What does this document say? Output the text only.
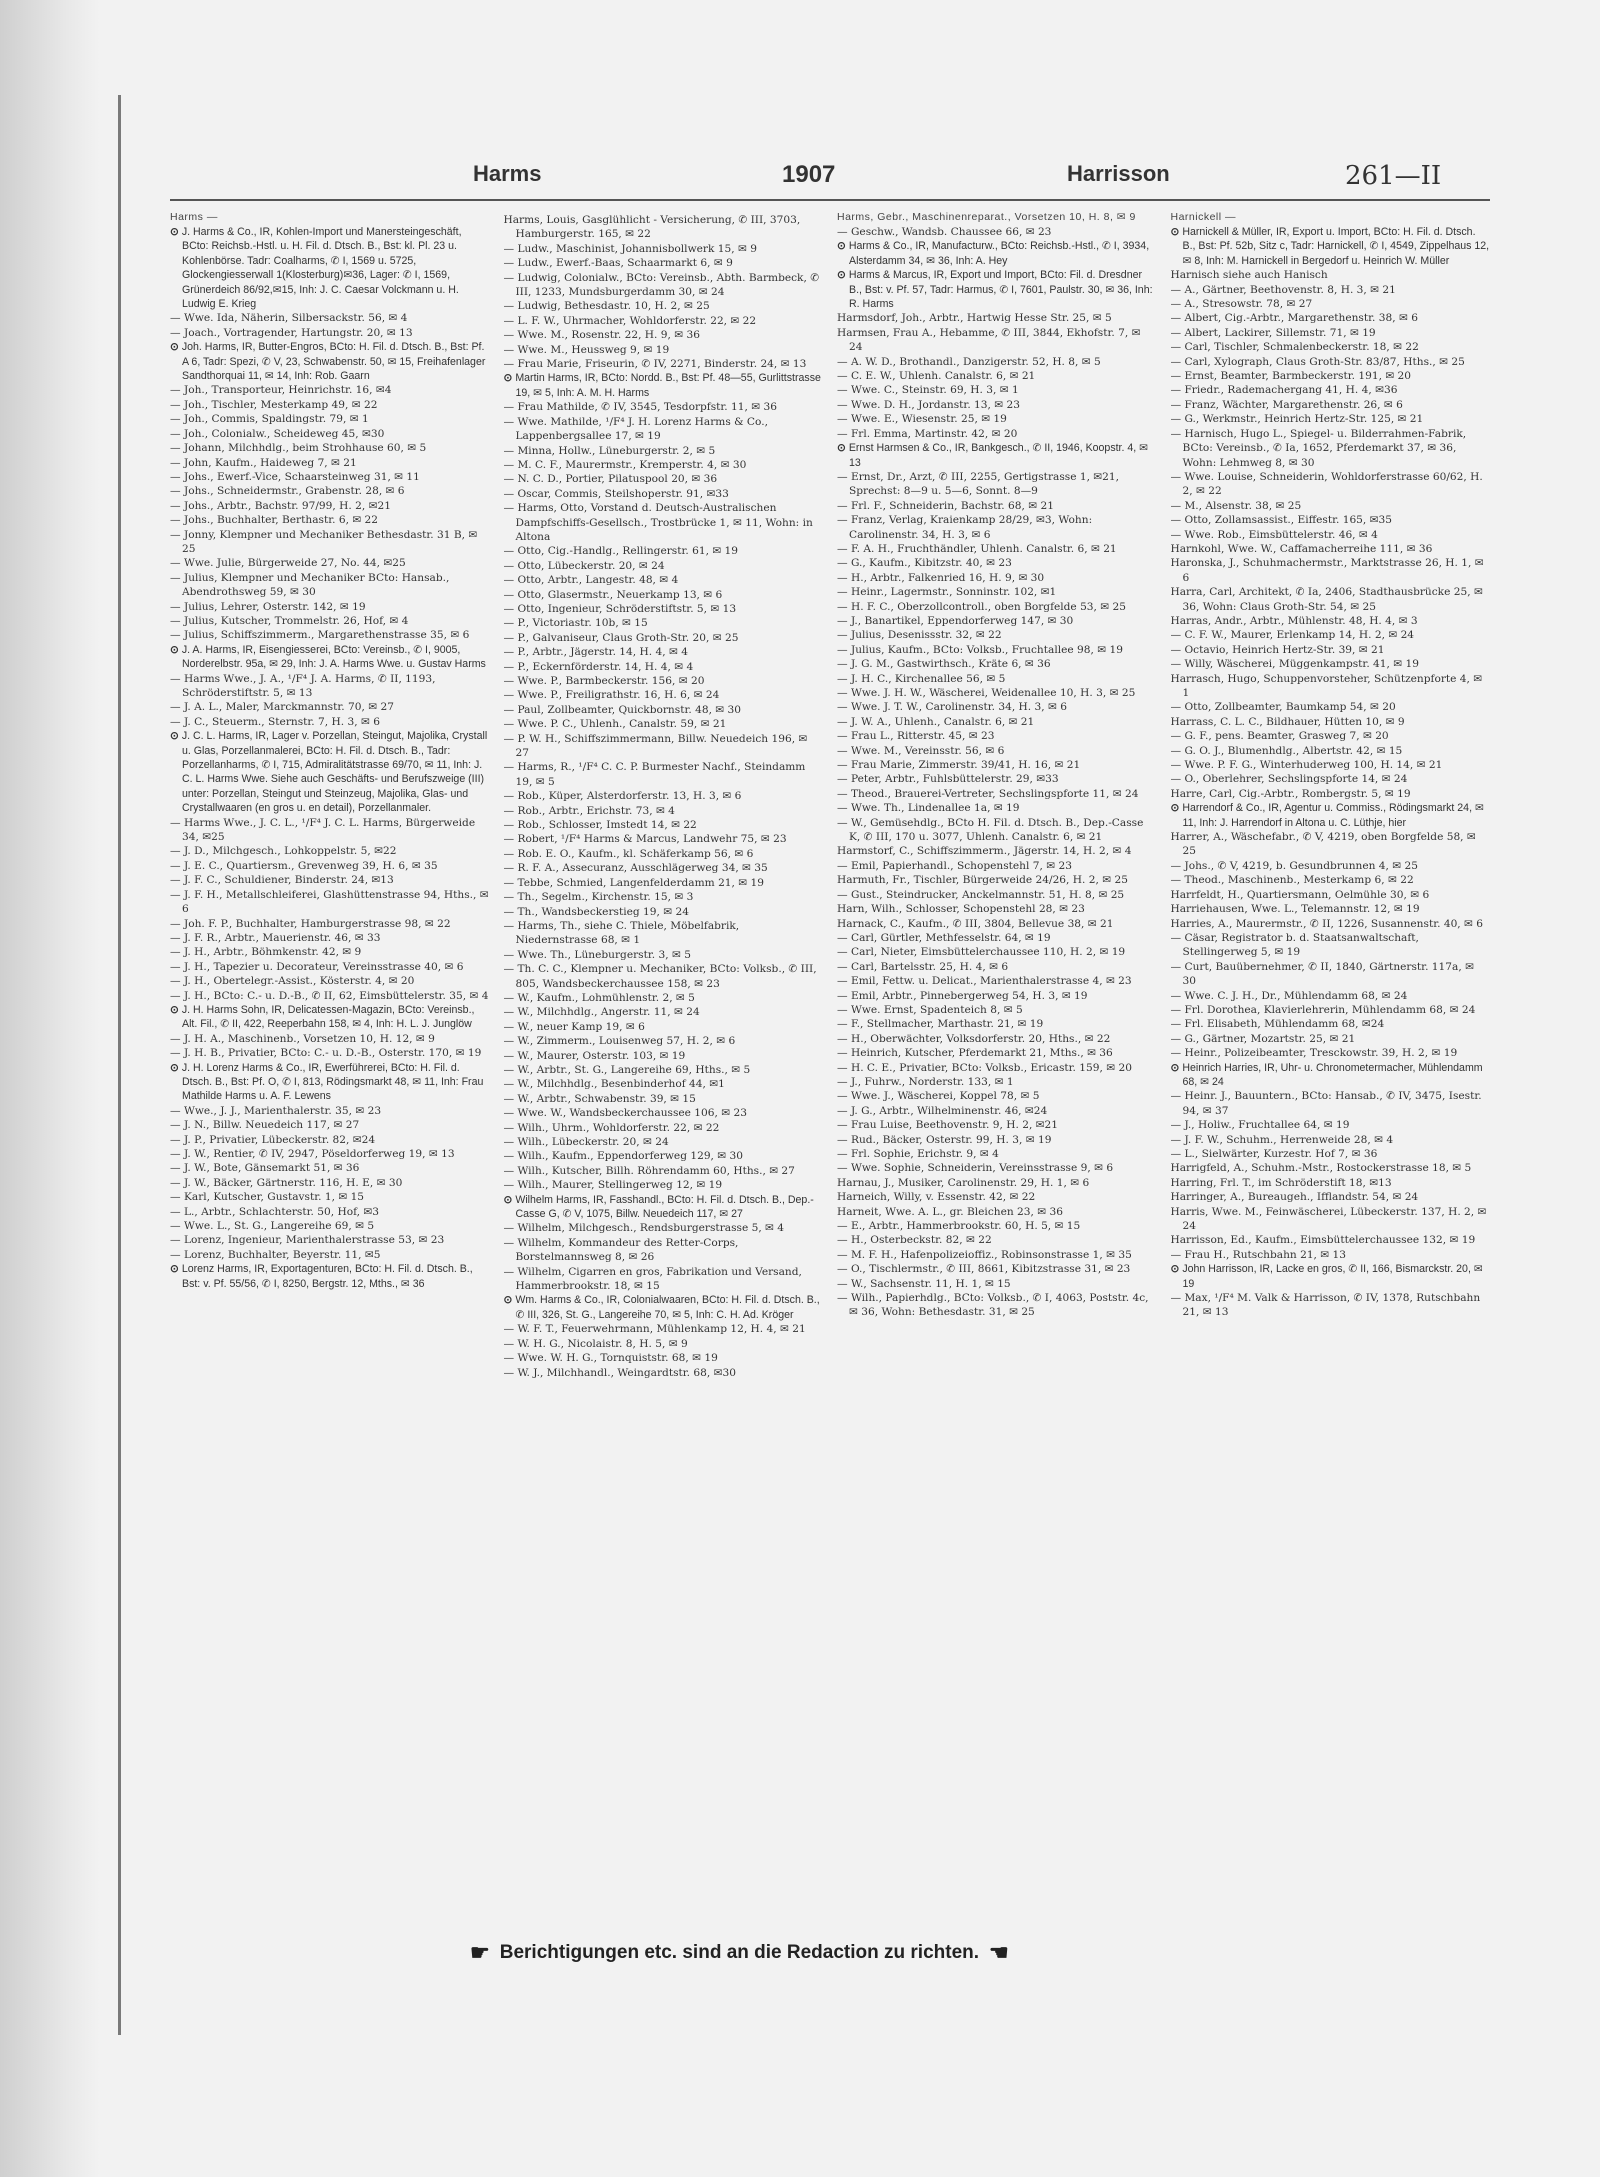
Harms	1907	Harrisson	261—II
Harms —
⊙ J. Harms & Co., IR, Kohlen-Import und Manersteingeschäft, BCto: Reichsb.-Hstl. u. H. Fil. d. Dtsch. B., Bst: kl. Pl. 23 u. Kohlenbörse. Tadr: Coalharms, ✆ I, 1569 u. 5725, Glockengiesserwall 1(Klosterburg)✉36, Lager: ✆ I, 1569, Grünerdeich 86/92,✉15, Inh: J. C. Caesar Volckmann u. H. Ludwig E. Krieg
— Wwe. Ida, Näherin, Silbersackstr. 56, ✉ 4
— Joach., Vortragender, Hartungstr. 20, ✉ 13
⊙ Joh. Harms, IR, Butter-Engros, BCto: H. Fil. d. Dtsch. B., Bst: Pf. A 6, Tadr: Spezi, ✆ V, 23, Schwabenstr. 50, ✉ 15, Freihafenlager Sandthorquai 11, ✉ 14, Inh: Rob. Gaarn
— Joh., Transporteur, Heinrichstr. 16, ✉4
— Joh., Tischler, Mesterkamp 49, ✉ 22
— Joh., Commis, Spaldingstr. 79, ✉ 1
— Joh., Colonialw., Scheideweg 45, ✉30
— Johann, Milchhdlg., beim Strohhause 60, ✉ 5
— John, Kaufm., Haideweg 7, ✉ 21
— Johs., Ewerf.-Vice, Schaarsteinweg 31, ✉ 11
— Johs., Schneidermstr., Grabenstr. 28, ✉ 6
— Johs., Arbtr., Bachstr. 97/99, H. 2, ✉21
— Johs., Buchhalter, Berthastr. 6, ✉ 22
— Jonny, Klempner und Mechaniker Bethesdastr. 31 B, ✉ 25
— Wwe. Julie, Bürgerweide 27, No. 44, ✉25
— Julius, Klempner und Mechaniker BCto: Hansab., Abendrothsweg 59, ✉ 30
— Julius, Lehrer, Osterstr. 142, ✉ 19
— Julius, Kutscher, Trommelstr. 26, Hof, ✉ 4
— Julius, Schiffszimmerm., Margarethenstrasse 35, ✉ 6
⊙ J. A. Harms, IR, Eisengiesserei, BCto: Vereinsb., ✆ I, 9005, Norderelbstr. 95a, ✉ 29, Inh: J. A. Harms Wwe. u. Gustav Harms
— Harms Wwe., J. A., ¹/F⁴ J. A. Harms, ✆ II, 1193, Schröderstiftstr. 5, ✉ 13
— J. A. L., Maler, Marckmannstr. 70, ✉ 27
— J. C., Steuerm., Sternstr. 7, H. 3, ✉ 6
⊙ J. C. L. Harms, IR, Lager v. Porzellan, Steingut, Majolika, Crystall u. Glas, Porzellanmalerei, BCto: H. Fil. d. Dtsch. B., Tadr: Porzellanharms, ✆ I, 715, Admiralitätstrasse 69/70, ✉ 11, Inh: J. C. L. Harms Wwe. Siehe auch Geschäfts- und Berufszweige (III) unter: Porzellan, Steingut und Steinzeug, Majolika, Glas- und Crystallwaaren (en gros u. en detail), Porzellanmaler.
— Harms Wwe., J. C. L., ¹/F⁴ J. C. L. Harms, Bürgerweide 34, ✉25
— J. D., Milchgesch., Lohkoppelstr. 5, ✉22
— J. E. C., Quartiersm., Grevenweg 39, H. 6, ✉ 35
— J. F. C., Schuldiener, Binderstr. 24, ✉13
— J. F. H., Metallschleiferei, Glashüttenstrasse 94, Hths., ✉ 6
— Joh. F. P., Buchhalter, Hamburgerstrasse 98, ✉ 22
— J. F. R., Arbtr., Mauerienstr. 46, ✉ 33
— J. H., Arbtr., Böhmkenstr. 42, ✉ 9
— J. H., Tapezier u. Decorateur, Vereinsstrasse 40, ✉ 6
— J. H., Obertelegr.-Assist., Kösterstr. 4, ✉ 20
— J. H., BCto: C.- u. D.-B., ✆ II, 62, Eimsbüttelerstr. 35, ✉ 4
⊙ J. H. Harms Sohn, IR, Delicatessen-Magazin, BCto: Vereinsb., Alt. Fil., ✆ II, 422, Reeperbahn 158, ✉ 4, Inh: H. L. J. Junglöw
— J. H. A., Maschinenb., Vorsetzen 10, H. 12, ✉ 9
— J. H. B., Privatier, BCto: C.- u. D.-B., Osterstr. 170, ✉ 19
⊙ J. H. Lorenz Harms & Co., IR, Ewerführerei, BCto: H. Fil. d. Dtsch. B., Bst: Pf. O, ✆ I, 813, Rödingsmarkt 48, ✉ 11, Inh: Frau Mathilde Harms u. A. F. Lewens
— Wwe., J. J., Marienthalerstr. 35, ✉ 23
— J. N., Billw. Neuedeich 117, ✉ 27
— J. P., Privatier, Lübeckerstr. 82, ✉24
— J. W., Rentier, ✆ IV, 2947, Pöseldorferweg 19, ✉ 13
— J. W., Bote, Gänsemarkt 51, ✉ 36
— J. W., Bäcker, Gärtnerstr. 116, H. E, ✉ 30
— Karl, Kutscher, Gustavstr. 1, ✉ 15
— L., Arbtr., Schlachterstr. 50, Hof, ✉3
— Wwe. L., St. G., Langereihe 69, ✉ 5
— Lorenz, Ingenieur, Marienthalerstrasse 53, ✉ 23
— Lorenz, Buchhalter, Beyerstr. 11, ✉5
⊙ Lorenz Harms, IR, Exportagenturen, BCto: H. Fil. d. Dtsch. B., Bst: v. Pf. 55/56, ✆ I, 8250, Bergstr. 12, Mths., ✉ 36
Harms, Louis, Gasglühlicht - Versicherung, ✆ III, 3703, Hamburgerstr. 165, ✉ 22
— Ludw., Maschinist, Johannisbollwerk 15, ✉ 9
— Ludw., Ewerf.-Baas, Schaarmarkt 6, ✉ 9
— Ludwig, Colonialw., BCto: Vereinsb., Abth. Barmbeck, ✆ III, 1233, Mundsburgerdamm 30, ✉ 24
— Ludwig, Bethesdastr. 10, H. 2, ✉ 25
— L. F. W., Uhrmacher, Wohldorferstr. 22, ✉ 22
— Wwe. M., Rosenstr. 22, H. 9, ✉ 36
— Wwe. M., Heussweg 9, ✉ 19
— Frau Marie, Friseurin, ✆ IV, 2271, Binderstr. 24, ✉ 13
⊙ Martin Harms, IR, BCto: Nordd. B., Bst: Pf. 48—55, Gurlittstrasse 19, ✉ 5, Inh: A. M. H. Harms
— Frau Mathilde, ✆ IV, 3545, Tesdorpfstr. 11, ✉ 36
— Wwe. Mathilde, ¹/F⁴ J. H. Lorenz Harms & Co., Lappenbergsallee 17, ✉ 19
— Minna, Hollw., Lüneburgerstr. 2, ✉ 5
— M. C. F., Maurermstr., Kremperstr. 4, ✉ 30
— N. C. D., Portier, Pilatuspool 20, ✉ 36
— Oscar, Commis, Steilshoperstr. 91, ✉33
— Harms, Otto, Vorstand d. Deutsch-Australischen Dampfschiffs-Gesellsch., Trostbrücke 1, ✉ 11, Wohn: in Altona
— Otto, Cig.-Handlg., Rellingerstr. 61, ✉ 19
— Otto, Lübeckerstr. 20, ✉ 24
— Otto, Arbtr., Langestr. 48, ✉ 4
— Otto, Glasermstr., Neuerkamp 13, ✉ 6
— Otto, Ingenieur, Schröderstiftstr. 5, ✉ 13
— P., Victoriastr. 10b, ✉ 15
— P., Galvaniseur, Claus Groth-Str. 20, ✉ 25
— P., Arbtr., Jägerstr. 14, H. 4, ✉ 4
— P., Eckernförderstr. 14, H. 4, ✉ 4
— Wwe. P., Barmbeckerstr. 156, ✉ 20
— Wwe. P., Freiligrathstr. 16, H. 6, ✉ 24
— Paul, Zollbeamter, Quickbornstr. 48, ✉ 30
— Wwe. P. C., Uhlenh., Canalstr. 59, ✉ 21
— P. W. H., Schiffszimmermann, Billw. Neuedeich 196, ✉ 27
— Harms, R., ¹/F⁴ C. C. P. Burmester Nachf., Steindamm 19, ✉ 5
— Rob., Küper, Alsterdorferstr. 13, H. 3, ✉ 6
— Rob., Arbtr., Erichstr. 73, ✉ 4
— Rob., Schlosser, Imstedt 14, ✉ 22
— Robert, ¹/F⁴ Harms & Marcus, Landwehr 75, ✉ 23
— Rob. E. O., Kaufm., kl. Schäferkamp 56, ✉ 6
— R. F. A., Assecuranz, Ausschlägerweg 34, ✉ 35
— Tebbe, Schmied, Langenfelderdamm 21, ✉ 19
— Th., Segelm., Kirchenstr. 15, ✉ 3
— Th., Wandsbeckerstieg 19, ✉ 24
— Harms, Th., siehe C. Thiele, Möbelfabrik, Niedernstrasse 68, ✉ 1
— Wwe. Th., Lüneburgerstr. 3, ✉ 5
— Th. C. C., Klempner u. Mechaniker, BCto: Volksb., ✆ III, 805, Wandsbeckerchaussee 158, ✉ 23
— W., Kaufm., Lohmühlenstr. 2, ✉ 5
— W., Milchhdlg., Angerstr. 11, ✉ 24
— W., neuer Kamp 19, ✉ 6
— W., Zimmerm., Louisenweg 57, H. 2, ✉ 6
— W., Maurer, Osterstr. 103, ✉ 19
— W., Arbtr., St. G., Langereihe 69, Hths., ✉ 5
— W., Milchhdlg., Besenbinderhof 44, ✉1
— W., Arbtr., Schwabenstr. 39, ✉ 15
— Wwe. W., Wandsbeckerchaussee 106, ✉ 23
— Wilh., Uhrm., Wohldorferstr. 22, ✉ 22
— Wilh., Lübeckerstr. 20, ✉ 24
— Wilh., Kaufm., Eppendorferweg 129, ✉ 30
— Wilh., Kutscher, Billh. Röhrendamm 60, Hths., ✉ 27
— Wilh., Maurer, Stellingerweg 12, ✉ 19
⊙ Wilhelm Harms, IR, Fasshandl., BCto: H. Fil. d. Dtsch. B., Dep.-Casse G, ✆ V, 1075, Billw. Neuedeich 117, ✉ 27
— Wilhelm, Milchgesch., Rendsburgerstrasse 5, ✉ 4
— Wilhelm, Kommandeur des Retter-Corps, Borstelmannsweg 8, ✉ 26
— Wilhelm, Cigarren en gros, Fabrikation und Versand, Hammerbrookstr. 18, ✉ 15
⊙ Wm. Harms & Co., IR, Colonialwaaren, BCto: H. Fil. d. Dtsch. B., ✆ III, 326, St. G., Langereihe 70, ✉ 5, Inh: C. H. Ad. Kröger
— W. F. T., Feuerwehrmann, Mühlenkamp 12, H. 4, ✉ 21
— W. H. G., Nicolaistr. 8, H. 5, ✉ 9
— Wwe. W. H. G., Tornquiststr. 68, ✉ 19
— W. J., Milchhandl., Weingardtstr. 68, ✉30
Harms, Gebr., Maschinenreparat., Vorsetzen 10, H. 8, ✉ 9
— Geschw., Wandsb. Chaussee 66, ✉ 23
⊙ Harms & Co., IR, Manufacturw., BCto: Reichsb.-Hstl., ✆ I, 3934, Alsterdamm 34, ✉ 36, Inh: A. Hey
⊙ Harms & Marcus, IR, Export und Import, BCto: Fil. d. Dresdner B., Bst: v. Pf. 57, Tadr: Harmus, ✆ I, 7601, Paulstr. 30, ✉ 36, Inh: R. Harms
Harmsdorf, Joh., Arbtr., Hartwig Hesse Str. 25, ✉ 5
Harmsen, Frau A., Hebamme, ✆ III, 3844, Ekhofstr. 7, ✉ 24
— A. W. D., Brothandl., Danzigerstr. 52, H. 8, ✉ 5
— C. E. W., Uhlenh. Canalstr. 6, ✉ 21
— Wwe. C., Steinstr. 69, H. 3, ✉ 1
— Wwe. D. H., Jordanstr. 13, ✉ 23
— Wwe. E., Wiesenstr. 25, ✉ 19
— Frl. Emma, Martinstr. 42, ✉ 20
⊙ Ernst Harmsen & Co., IR, Bankgesch., ✆ II, 1946, Koopstr. 4, ✉ 13
— Ernst, Dr., Arzt, ✆ III, 2255, Gertigstrasse 1, ✉21, Sprechst: 8—9 u. 5—6, Sonnt. 8—9
— Frl. F., Schneiderin, Bachstr. 68, ✉ 21
— Franz, Verlag, Kraienkamp 28/29, ✉3, Wohn: Carolinenstr. 34, H. 3, ✉ 6
— F. A. H., Fruchthändler, Uhlenh. Canalstr. 6, ✉ 21
— G., Kaufm., Kibitzstr. 40, ✉ 23
— H., Arbtr., Falkenried 16, H. 9, ✉ 30
— Heinr., Lagermstr., Sonninstr. 102, ✉1
— H. F. C., Oberzollcontroll., oben Borgfelde 53, ✉ 25
— J., Banartikel, Eppendorferweg 147, ✉ 30
— Julius, Desenissstr. 32, ✉ 22
— Julius, Kaufm., BCto: Volksb., Fruchtallee 98, ✉ 19
— J. G. M., Gastwirthsch., Kräte 6, ✉ 36
— J. H. C., Kirchenallee 56, ✉ 5
— Wwe. J. H. W., Wäscherei, Weidenallee 10, H. 3, ✉ 25
— Wwe. J. T. W., Carolinenstr. 34, H. 3, ✉ 6
— J. W. A., Uhlenh., Canalstr. 6, ✉ 21
— Frau L., Ritterstr. 45, ✉ 23
— Wwe. M., Vereinsstr. 56, ✉ 6
— Frau Marie, Zimmerstr. 39/41, H. 16, ✉ 21
— Peter, Arbtr., Fuhlsbüttelerstr. 29, ✉33
— Theod., Brauerei-Vertreter, Sechslingspforte 11, ✉ 24
— Wwe. Th., Lindenallee 1a, ✉ 19
— W., Gemüsehdlg., BCto H. Fil. d. Dtsch. B., Dep.-Casse K, ✆ III, 170 u. 3077, Uhlenh. Canalstr. 6, ✉ 21
Harmstorf, C., Schiffszimmerm., Jägerstr. 14, H. 2, ✉ 4
— Emil, Papierhandl., Schopenstehl 7, ✉ 23
Harmuth, Fr., Tischler, Bürgerweide 24/26, H. 2, ✉ 25
— Gust., Steindrucker, Anckelmannstr. 51, H. 8, ✉ 25
Harn, Wilh., Schlosser, Schopenstehl 28, ✉ 23
Harnack, C., Kaufm., ✆ III, 3804, Bellevue 38, ✉ 21
— Carl, Gürtler, Methfesselstr. 64, ✉ 19
— Carl, Nieter, Eimsbüttelerchaussee 110, H. 2, ✉ 19
— Carl, Bartelsstr. 25, H. 4, ✉ 6
— Emil, Fettw. u. Delicat., Marienthalerstrasse 4, ✉ 23
— Emil, Arbtr., Pinnebergerweg 54, H. 3, ✉ 19
— Wwe. Ernst, Spadenteich 8, ✉ 5
— F., Stellmacher, Marthastr. 21, ✉ 19
— H., Oberwächter, Volksdorferstr. 20, Hths., ✉ 22
— Heinrich, Kutscher, Pferdemarkt 21, Mths., ✉ 36
— H. C. E., Privatier, BCto: Volksb., Ericastr. 159, ✉ 20
— J., Fuhrw., Norderstr. 133, ✉ 1
— Wwe. J., Wäscherei, Koppel 78, ✉ 5
— J. G., Arbtr., Wilhelminenstr. 46, ✉24
— Frau Luise, Beethovenstr. 9, H. 2, ✉21
— Rud., Bäcker, Osterstr. 99, H. 3, ✉ 19
— Frl. Sophie, Erichstr. 9, ✉ 4
— Wwe. Sophie, Schneiderin, Vereinsstrasse 9, ✉ 6
Harnau, J., Musiker, Carolinenstr. 29, H. 1, ✉ 6
Harneich, Willy, v. Essenstr. 42, ✉ 22
Harneit, Wwe. A. L., gr. Bleichen 23, ✉ 36
— E., Arbtr., Hammerbrookstr. 60, H. 5, ✉ 15
— H., Osterbeckstr. 82, ✉ 22
— M. F. H., Hafenpolizeioffiz., Robinsonstrasse 1, ✉ 35
— O., Tischlermstr., ✆ III, 8661, Kibitzstrasse 31, ✉ 23
— W., Sachsenstr. 11, H. 1, ✉ 15
— Wilh., Papierhdlg., BCto: Volksb., ✆ I, 4063, Poststr. 4c, ✉ 36, Wohn: Bethesdastr. 31, ✉ 25
Harnickell —
⊙ Harnickell & Müller, IR, Export u. Import, BCto: H. Fil. d. Dtsch. B., Bst: Pf. 52b, Sitz c, Tadr: Harnickell, ✆ I, 4549, Zippelhaus 12, ✉ 8, Inh: M. Harnickell in Bergedorf u. Heinrich W. Müller
Harnisch siehe auch Hanisch
— A., Gärtner, Beethovenstr. 8, H. 3, ✉ 21
— A., Stresowstr. 78, ✉ 27
— Albert, Cig.-Arbtr., Margarethenstr. 38, ✉ 6
— Albert, Lackirer, Sillemstr. 71, ✉ 19
— Carl, Tischler, Schmalenbeckerstr. 18, ✉ 22
— Carl, Xylograph, Claus Groth-Str. 83/87, Hths., ✉ 25
— Ernst, Beamter, Barmbeckerstr. 191, ✉ 20
— Friedr., Rademachergang 41, H. 4, ✉36
— Franz, Wächter, Margarethenstr. 26, ✉ 6
— G., Werkmstr., Heinrich Hertz-Str. 125, ✉ 21
— Harnisch, Hugo L., Spiegel- u. Bilderrahmen-Fabrik, BCto: Vereinsb., ✆ Ia, 1652, Pferdemarkt 37, ✉ 36, Wohn: Lehmweg 8, ✉ 30
— Wwe. Louise, Schneiderin, Wohldorferstrasse 60/62, H. 2, ✉ 22
— M., Alsenstr. 38, ✉ 25
— Otto, Zollamsassist., Eiffestr. 165, ✉35
— Wwe. Rob., Eimsbüttelerstr. 46, ✉ 4
Harnkohl, Wwe. W., Caffamacherreihe 111, ✉ 36
Haronska, J., Schuhmachermstr., Marktstrasse 26, H. 1, ✉ 6
Harra, Carl, Architekt, ✆ Ia, 2406, Stadthausbrücke 25, ✉ 36, Wohn: Claus Groth-Str. 54, ✉ 25
Harras, Andr., Arbtr., Mühlenstr. 48, H. 4, ✉ 3
— C. F. W., Maurer, Erlenkamp 14, H. 2, ✉ 24
— Octavio, Heinrich Hertz-Str. 39, ✉ 21
— Willy, Wäscherei, Müggenkampstr. 41, ✉ 19
Harrasch, Hugo, Schuppenvorsteher, Schützenpforte 4, ✉ 1
— Otto, Zollbeamter, Baumkamp 54, ✉ 20
Harrass, C. L. C., Bildhauer, Hütten 10, ✉ 9
— G. F., pens. Beamter, Grasweg 7, ✉ 20
— G. O. J., Blumenhdlg., Albertstr. 42, ✉ 15
— Wwe. P. F. G., Winterhuderweg 100, H. 14, ✉ 21
— O., Oberlehrer, Sechslingspforte 14, ✉ 24
Harre, Carl, Cig.-Arbtr., Rombergstr. 5, ✉ 19
⊙ Harrendorf & Co., IR, Agentur u. Commiss., Rödingsmarkt 24, ✉11, Inh: J. Harrendorf in Altona u. C. Lüthje, hier
Harrer, A., Wäschefabr., ✆ V, 4219, oben Borgfelde 58, ✉ 25
— Johs., ✆ V, 4219, b. Gesundbrunnen 4, ✉ 25
— Theod., Maschinenb., Mesterkamp 6, ✉ 22
Harrfeldt, H., Quartiersmann, Oelmühle 30, ✉ 6
Harriehausen, Wwe. L., Telemannstr. 12, ✉ 19
Harries, A., Maurermstr., ✆ II, 1226, Susannenstr. 40, ✉ 6
— Cäsar, Registrator b. d. Staatsanwaltschaft, Stellingerweg 5, ✉ 19
— Curt, Bauübernehmer, ✆ II, 1840, Gärtnerstr. 117a, ✉ 30
— Wwe. C. J. H., Dr., Mühlendamm 68, ✉ 24
— Frl. Dorothea, Klavierlehrerin, Mühlendamm 68, ✉ 24
— Frl. Elisabeth, Mühlendamm 68, ✉24
— G., Gärtner, Mozartstr. 25, ✉ 21
— Heinr., Polizeibeamter, Tresckowstr. 39, H. 2, ✉ 19
⊙ Heinrich Harries, IR, Uhr- u. Chronometermacher, Mühlendamm 68, ✉ 24
— Heinr. J., Bauuntern., BCto: Hansab., ✆ IV, 3475, Isestr. 94, ✉ 37
— J., Holiw., Fruchtallee 64, ✉ 19
— J. F. W., Schuhm., Herrenweide 28, ✉ 4
— L., Sielwärter, Kurzestr. Hof 7, ✉ 36
Harrigfeld, A., Schuhm.-Mstr., Rostockerstrasse 18, ✉ 5
Harring, Frl. T., im Schröderstift 18, ✉13
Harringer, A., Bureaugeh., Ifflandstr. 54, ✉ 24
Harris, Wwe. M., Feinwäscherei, Lübeckerstr. 137, H. 2, ✉ 24
Harrisson, Ed., Kaufm., Eimsbüttelerchaussee 132, ✉ 19
— Frau H., Rutschbahn 21, ✉ 13
⊙ John Harrisson, IR, Lacke en gros, ✆ II, 166, Bismarckstr. 20, ✉19
— Max, ¹/F⁴ M. Valk & Harrisson, ✆ IV, 1378, Rutschbahn 21, ✉ 13
☛ Berichtigungen etc. sind an die Redaction zu richten. ☚
